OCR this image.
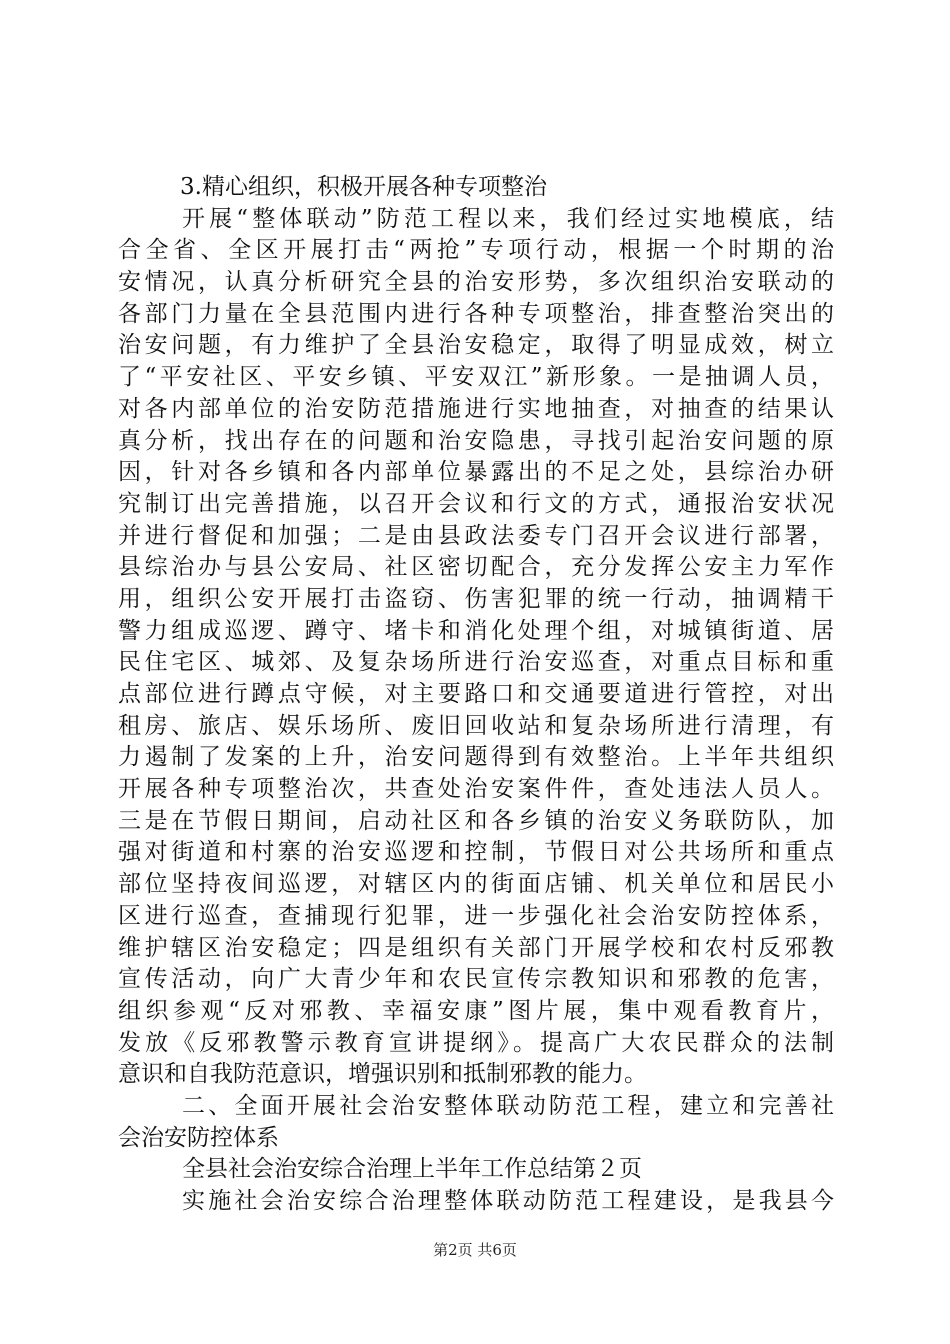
3.精心组织，积极开展各种专项整治
开展“整体联动”防范工程以来，我们经过实地模底，结
合全省、全区开展打击“两抢”专项行动，根据一个时期的治
安情况，认真分析研究全县的治安形势，多次组织治安联动的
各部门力量在全县范围内进行各种专项整治，排查整治突出的
治安问题，有力维护了全县治安稳定，取得了明显成效，树立
了“平安社区、平安乡镇、平安双江”新形象。一是抽调人员，
对各内部单位的治安防范措施进行实地抽查，对抽查的结果认
真分析，找出存在的问题和治安隐患，寻找引起治安问题的原
因，针对各乡镇和各内部单位暴露出的不足之处，县综治办研
究制订出完善措施，以召开会议和行文的方式，通报治安状况
并进行督促和加强；二是由县政法委专门召开会议进行部署，
县综治办与县公安局、社区密切配合，充分发挥公安主力军作
用，组织公安开展打击盗窃、伤害犯罪的统一行动，抽调精干
警力组成巡逻、蹲守、堵卡和消化处理个组，对城镇街道、居
民住宅区、城郊、及复杂场所进行治安巡查，对重点目标和重
点部位进行蹲点守候，对主要路口和交通要道进行管控，对出
租房、旅店、娱乐场所、废旧回收站和复杂场所进行清理，有
力遏制了发案的上升，治安问题得到有效整治。上半年共组织
开展各种专项整治次，共查处治安案件件，查处违法人员人。
三是在节假日期间，启动社区和各乡镇的治安义务联防队，加
强对街道和村寨的治安巡逻和控制，节假日对公共场所和重点
部位坚持夜间巡逻，对辖区内的街面店铺、机关单位和居民小
区进行巡查，查捕现行犯罪，进一步强化社会治安防控体系，
维护辖区治安稳定；四是组织有关部门开展学校和农村反邪教
宣传活动，向广大青少年和农民宣传宗教知识和邪教的危害，
组织参观“反对邪教、幸福安康”图片展，集中观看教育片，
发放《反邪教警示教育宣讲提纲》。提高广大农民群众的法制
意识和自我防范意识，增强识别和抵制邪教的能力。
二、全面开展社会治安整体联动防范工程，建立和完善社
会治安防控体系
全县社会治安综合治理上半年工作总结第２页
实施社会治安综合治理整体联动防范工程建设，是我县今
第2页 共6页
